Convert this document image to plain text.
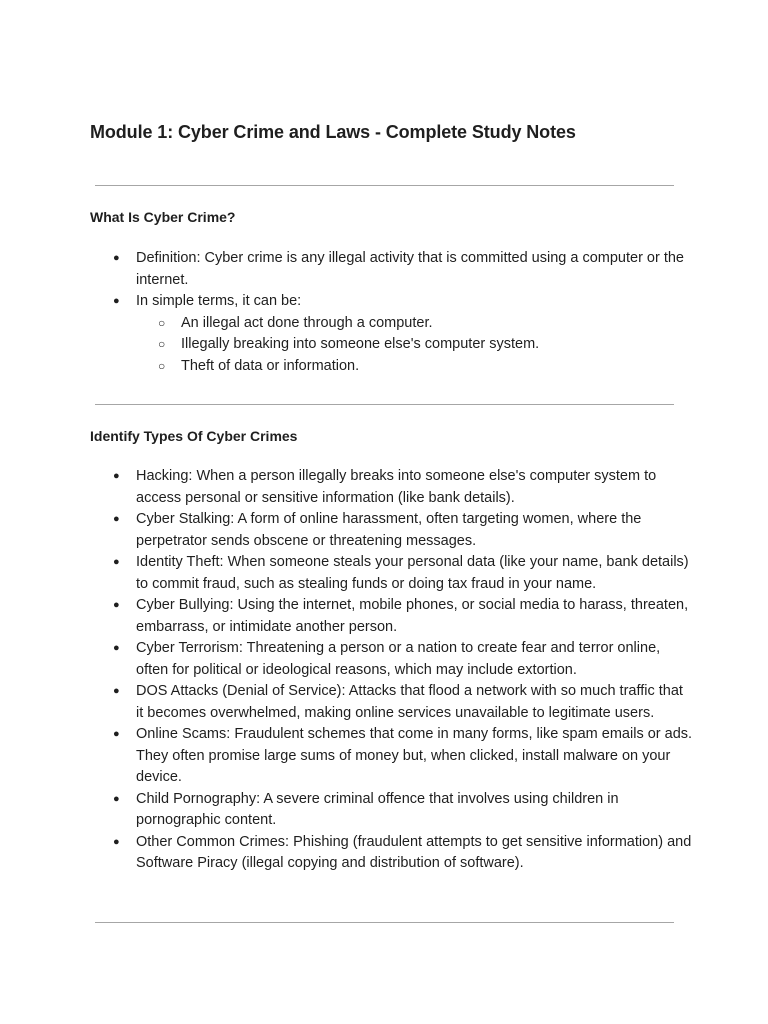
Module 1: Cyber Crime and Laws - Complete Study Notes
What Is Cyber Crime?
● Definition: Cyber crime is any illegal activity that is committed using a computer or the internet.
● In simple terms, it can be:
○ An illegal act done through a computer.
○ Illegally breaking into someone else's computer system.
○ Theft of data or information.
Identify Types Of Cyber Crimes
● Hacking: When a person illegally breaks into someone else's computer system to access personal or sensitive information (like bank details).
● Cyber Stalking: A form of online harassment, often targeting women, where the perpetrator sends obscene or threatening messages.
● Identity Theft: When someone steals your personal data (like your name, bank details) to commit fraud, such as stealing funds or doing tax fraud in your name.
● Cyber Bullying: Using the internet, mobile phones, or social media to harass, threaten, embarrass, or intimidate another person.
● Cyber Terrorism: Threatening a person or a nation to create fear and terror online, often for political or ideological reasons, which may include extortion.
● DOS Attacks (Denial of Service): Attacks that flood a network with so much traffic that it becomes overwhelmed, making online services unavailable to legitimate users.
● Online Scams: Fraudulent schemes that come in many forms, like spam emails or ads. They often promise large sums of money but, when clicked, install malware on your device.
● Child Pornography: A severe criminal offence that involves using children in pornographic content.
● Other Common Crimes: Phishing (fraudulent attempts to get sensitive information) and Software Piracy (illegal copying and distribution of software).
